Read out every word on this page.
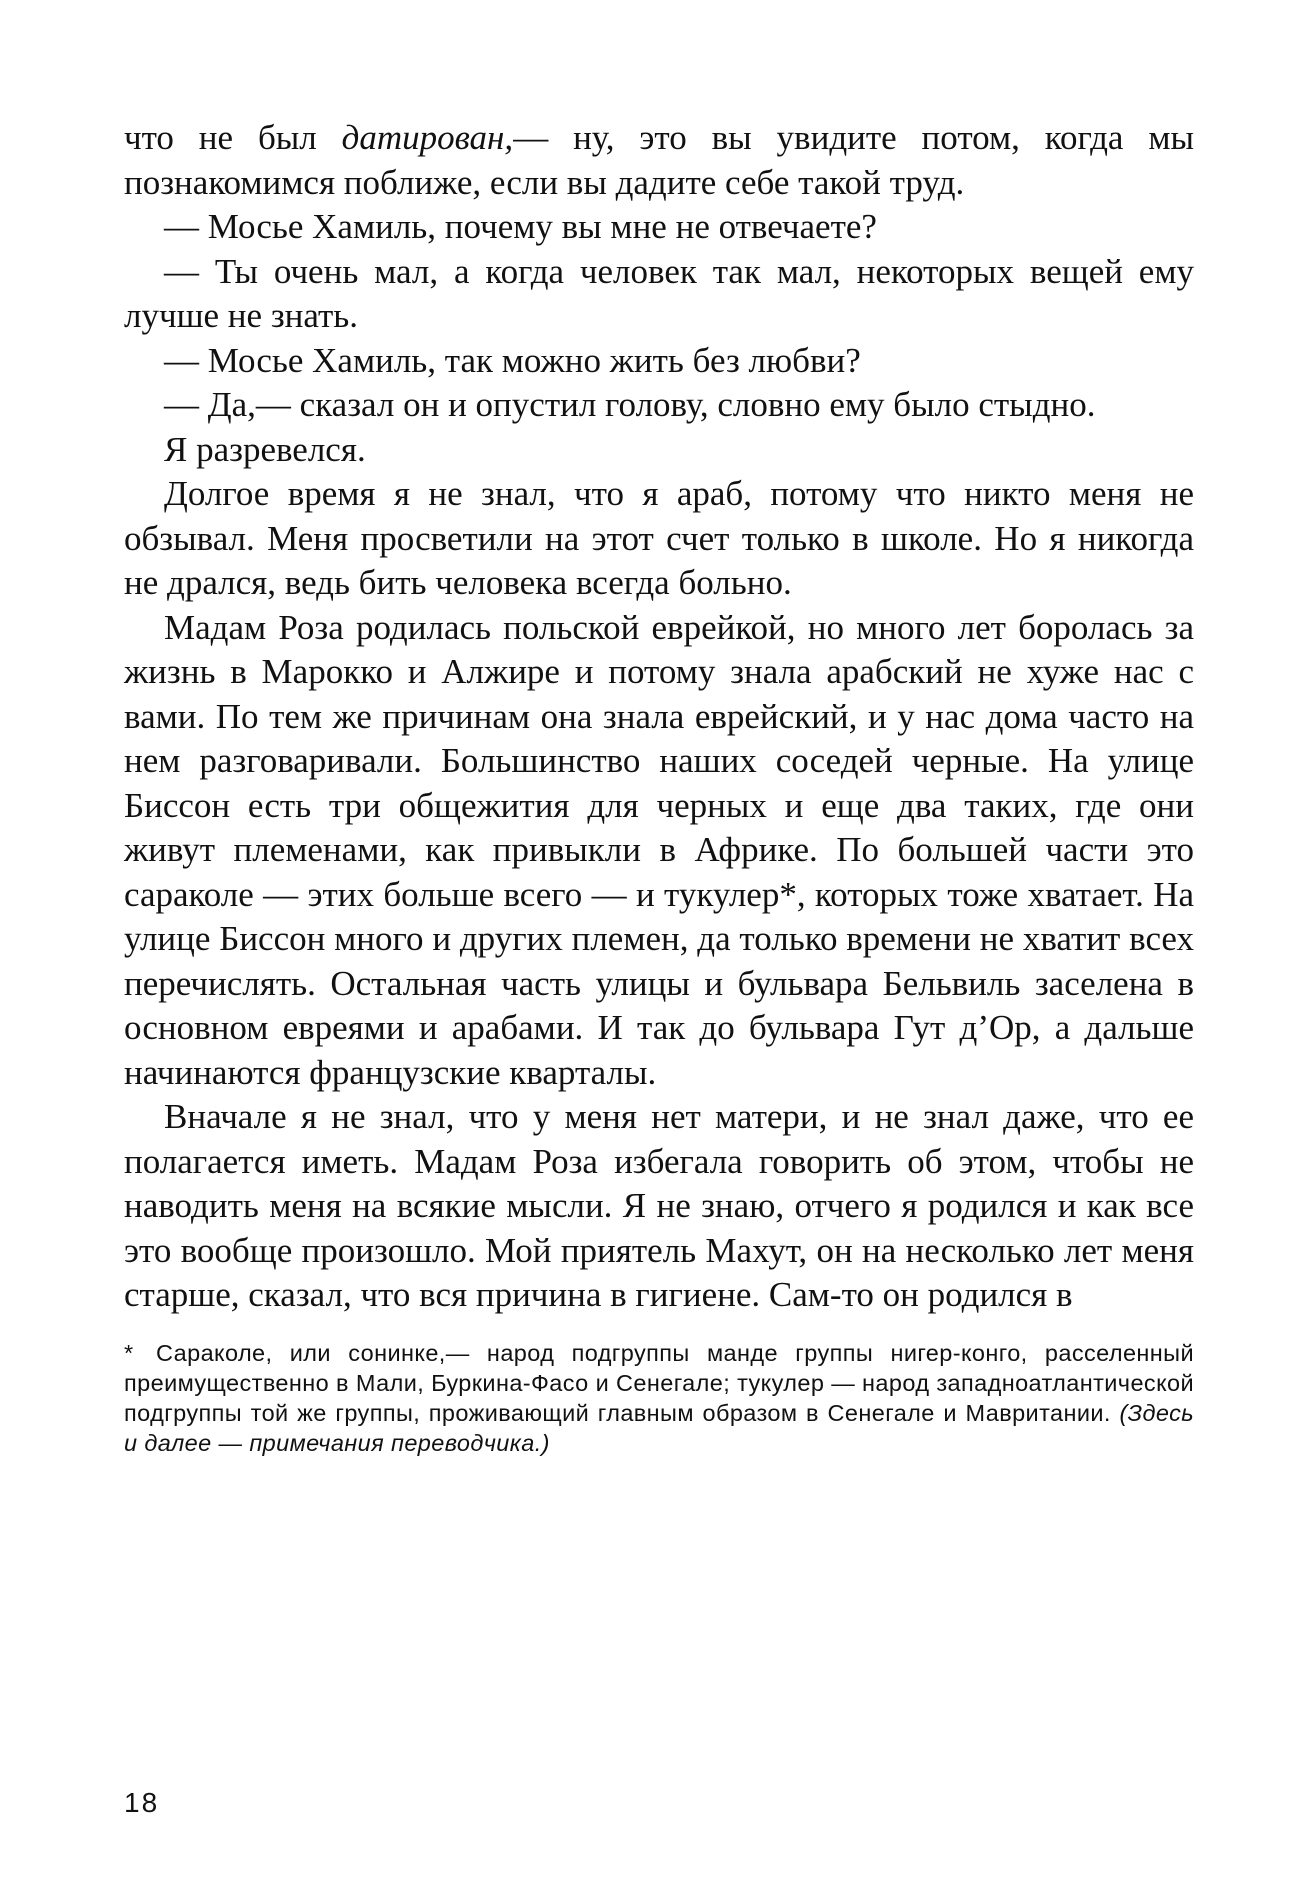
что не был датирован,— ну, это вы увидите потом, когда мы познакомимся поближе, если вы дадите себе такой труд.

— Мосье Хамиль, почему вы мне не отвечаете?

— Ты очень мал, а когда человек так мал, некоторых вещей ему лучше не знать.

— Мосье Хамиль, так можно жить без любви?

— Да,— сказал он и опустил голову, словно ему было стыдно.

Я разревелся.

Долгое время я не знал, что я араб, потому что никто меня не обзывал. Меня просветили на этот счет только в школе. Но я никогда не дрался, ведь бить человека всегда больно.

Мадам Роза родилась польской еврейкой, но много лет боролась за жизнь в Марокко и Алжире и потому знала арабский не хуже нас с вами. По тем же причинам она знала еврейский, и у нас дома часто на нем разговаривали. Большинство наших соседей черные. На улице Биссон есть три общежития для черных и еще два таких, где они живут племенами, как привыкли в Африке. По большей части это сараколе — этих больше всего — и тукулер*, которых тоже хватает. На улице Биссон много и других племен, да только времени не хватит всех перечислять. Остальная часть улицы и бульвара Бельвиль заселена в основном евреями и арабами. И так до бульвара Гут д’Ор, а дальше начинаются французские кварталы.

Вначале я не знал, что у меня нет матери, и не знал даже, что ее полагается иметь. Мадам Роза избегала говорить об этом, чтобы не наводить меня на всякие мысли. Я не знаю, отчего я родился и как все это вообще произошло. Мой приятель Махут, он на несколько лет меня старше, сказал, что вся причина в гигиене. Сам-то он родился в

* Сараколе, или сонинке,— народ подгруппы манде группы нигер-конго, расселенный преимущественно в Мали, Буркина-Фасо и Сенегале; тукулер — народ западноатлантической подгруппы той же группы, проживающий главным образом в Сенегале и Мавритании. (Здесь и далее — примечания переводчика.)
18
